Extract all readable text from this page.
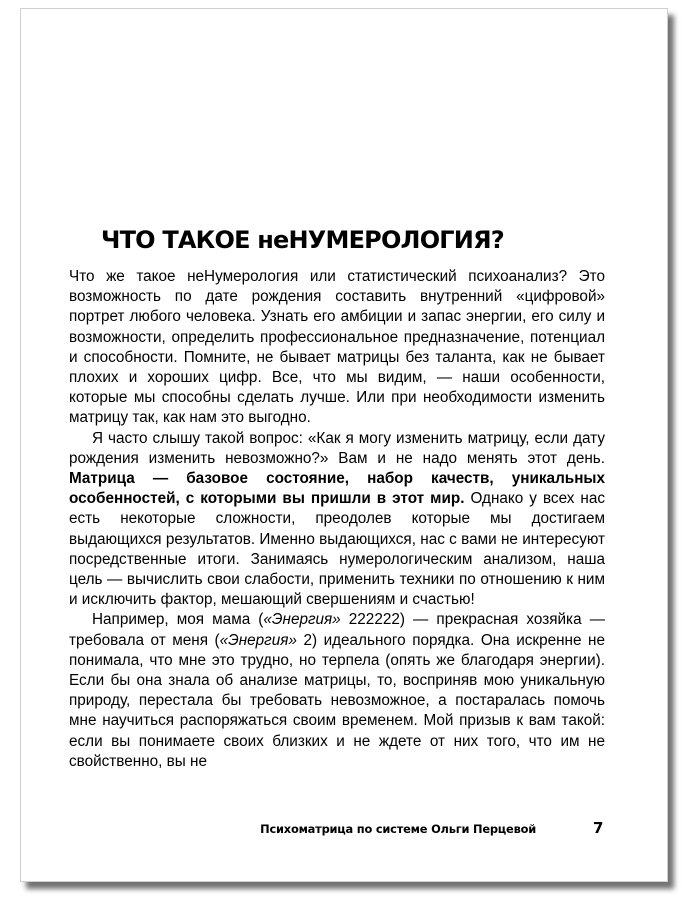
ЧТО ТАКОЕ неНУМЕРОЛОГИЯ?

Что же такое неНумерология или статистический психоанализ? Это возможность по дате рождения составить внутренний «цифровой» портрет любого человека. Узнать его амбиции и запас энергии, его силу и возможности, определить профессиональное предназначение, потенциал и способности. Помните, не бывает матрицы без таланта, как не бывает плохих и хороших цифр. Все, что мы видим, — наши особенности, которые мы способны сделать лучше. Или при необходимости изменить матрицу так, как нам это выгодно.

Я часто слышу такой вопрос: «Как я могу изменить матрицу, если дату рождения изменить невозможно?» Вам и не надо менять этот день. Матрица — базовое состояние, набор качеств, уникальных особенностей, с которыми вы пришли в этот мир. Однако у всех нас есть некоторые сложности, преодолев которые мы достигаем выдающихся результатов. Именно выдающихся, нас с вами не интересуют посредственные итоги. Занимаясь нумерологическим анализом, наша цель — вычислить свои слабости, применить техники по отношению к ним и исключить фактор, мешающий свершениям и счастью!

Например, моя мама («Энергия» 222222) — прекрасная хозяйка — требовала от меня («Энергия» 2) идеального порядка. Она искренне не понимала, что мне это трудно, но терпела (опять же благодаря энергии). Если бы она знала об анализе матрицы, то, восприняв мою уникальную природу, перестала бы требовать невозможное, а постаралась помочь мне научиться распоряжаться своим временем. Мой призыв к вам такой: если вы понимаете своих близких и не ждете от них того, что им не свойственно, вы не

Психоматрица по системе Ольги Перцевой	7
